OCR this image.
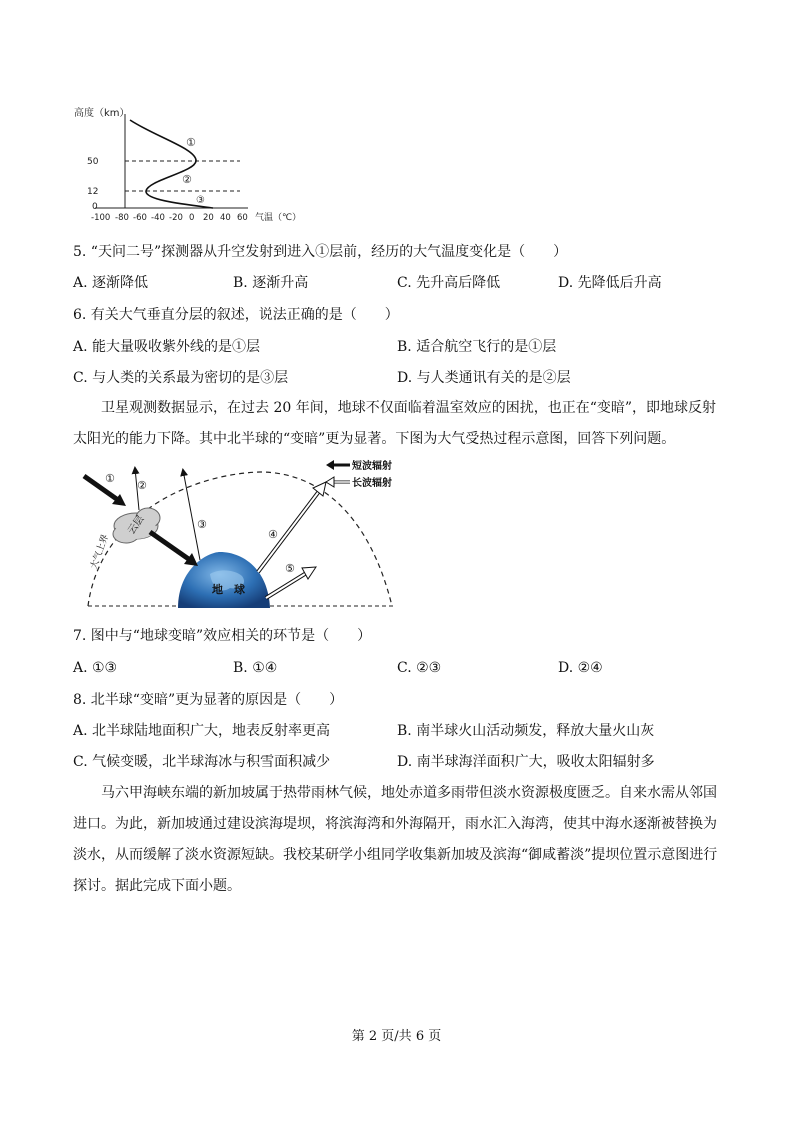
高度（km）
50
12
0
①
②
③
-100 -80 -60 -40 -20 0 20 40 60 气温（℃）
5. “天问二号”探测器从升空发射到进入①层前，经历的大气温度变化是（　　）
A. 逐渐降低	B. 逐渐升高	C. 先升高后降低	D. 先降低后升高
6. 有关大气垂直分层的叙述，说法正确的是（　　）
A. 能大量吸收紫外线的是①层	B. 适合航空飞行的是①层
C. 与人类的关系最为密切的是③层	D. 与人类通讯有关的是②层
卫星观测数据显示，在过去 20 年间，地球不仅面临着温室效应的困扰，也正在“变暗”，即地球反射太阳光的能力下降。其中北半球的“变暗”更为显著。下图为大气受热过程示意图，回答下列问题。
地　球
云层
大气上界
①
②
③
④
⑤
短波辐射
长波辐射
7. 图中与“地球变暗”效应相关的环节是（　　）
A. ①③	B. ①④	C. ②③	D. ②④
8. 北半球“变暗”更为显著的原因是（　　）
A. 北半球陆地面积广大，地表反射率更高	B. 南半球火山活动频发，释放大量火山灰
C. 气候变暖，北半球海冰与积雪面积减少	D. 南半球海洋面积广大，吸收太阳辐射多
马六甲海峡东端的新加坡属于热带雨林气候，地处赤道多雨带但淡水资源极度匮乏。自来水需从邻国进口。为此，新加坡通过建设滨海堤坝，将滨海湾和外海隔开，雨水汇入海湾，使其中海水逐渐被替换为淡水，从而缓解了淡水资源短缺。我校某研学小组同学收集新加坡及滨海“御咸蓄淡”提坝位置示意图进行探讨。据此完成下面小题。
第 2 页/共 6 页
